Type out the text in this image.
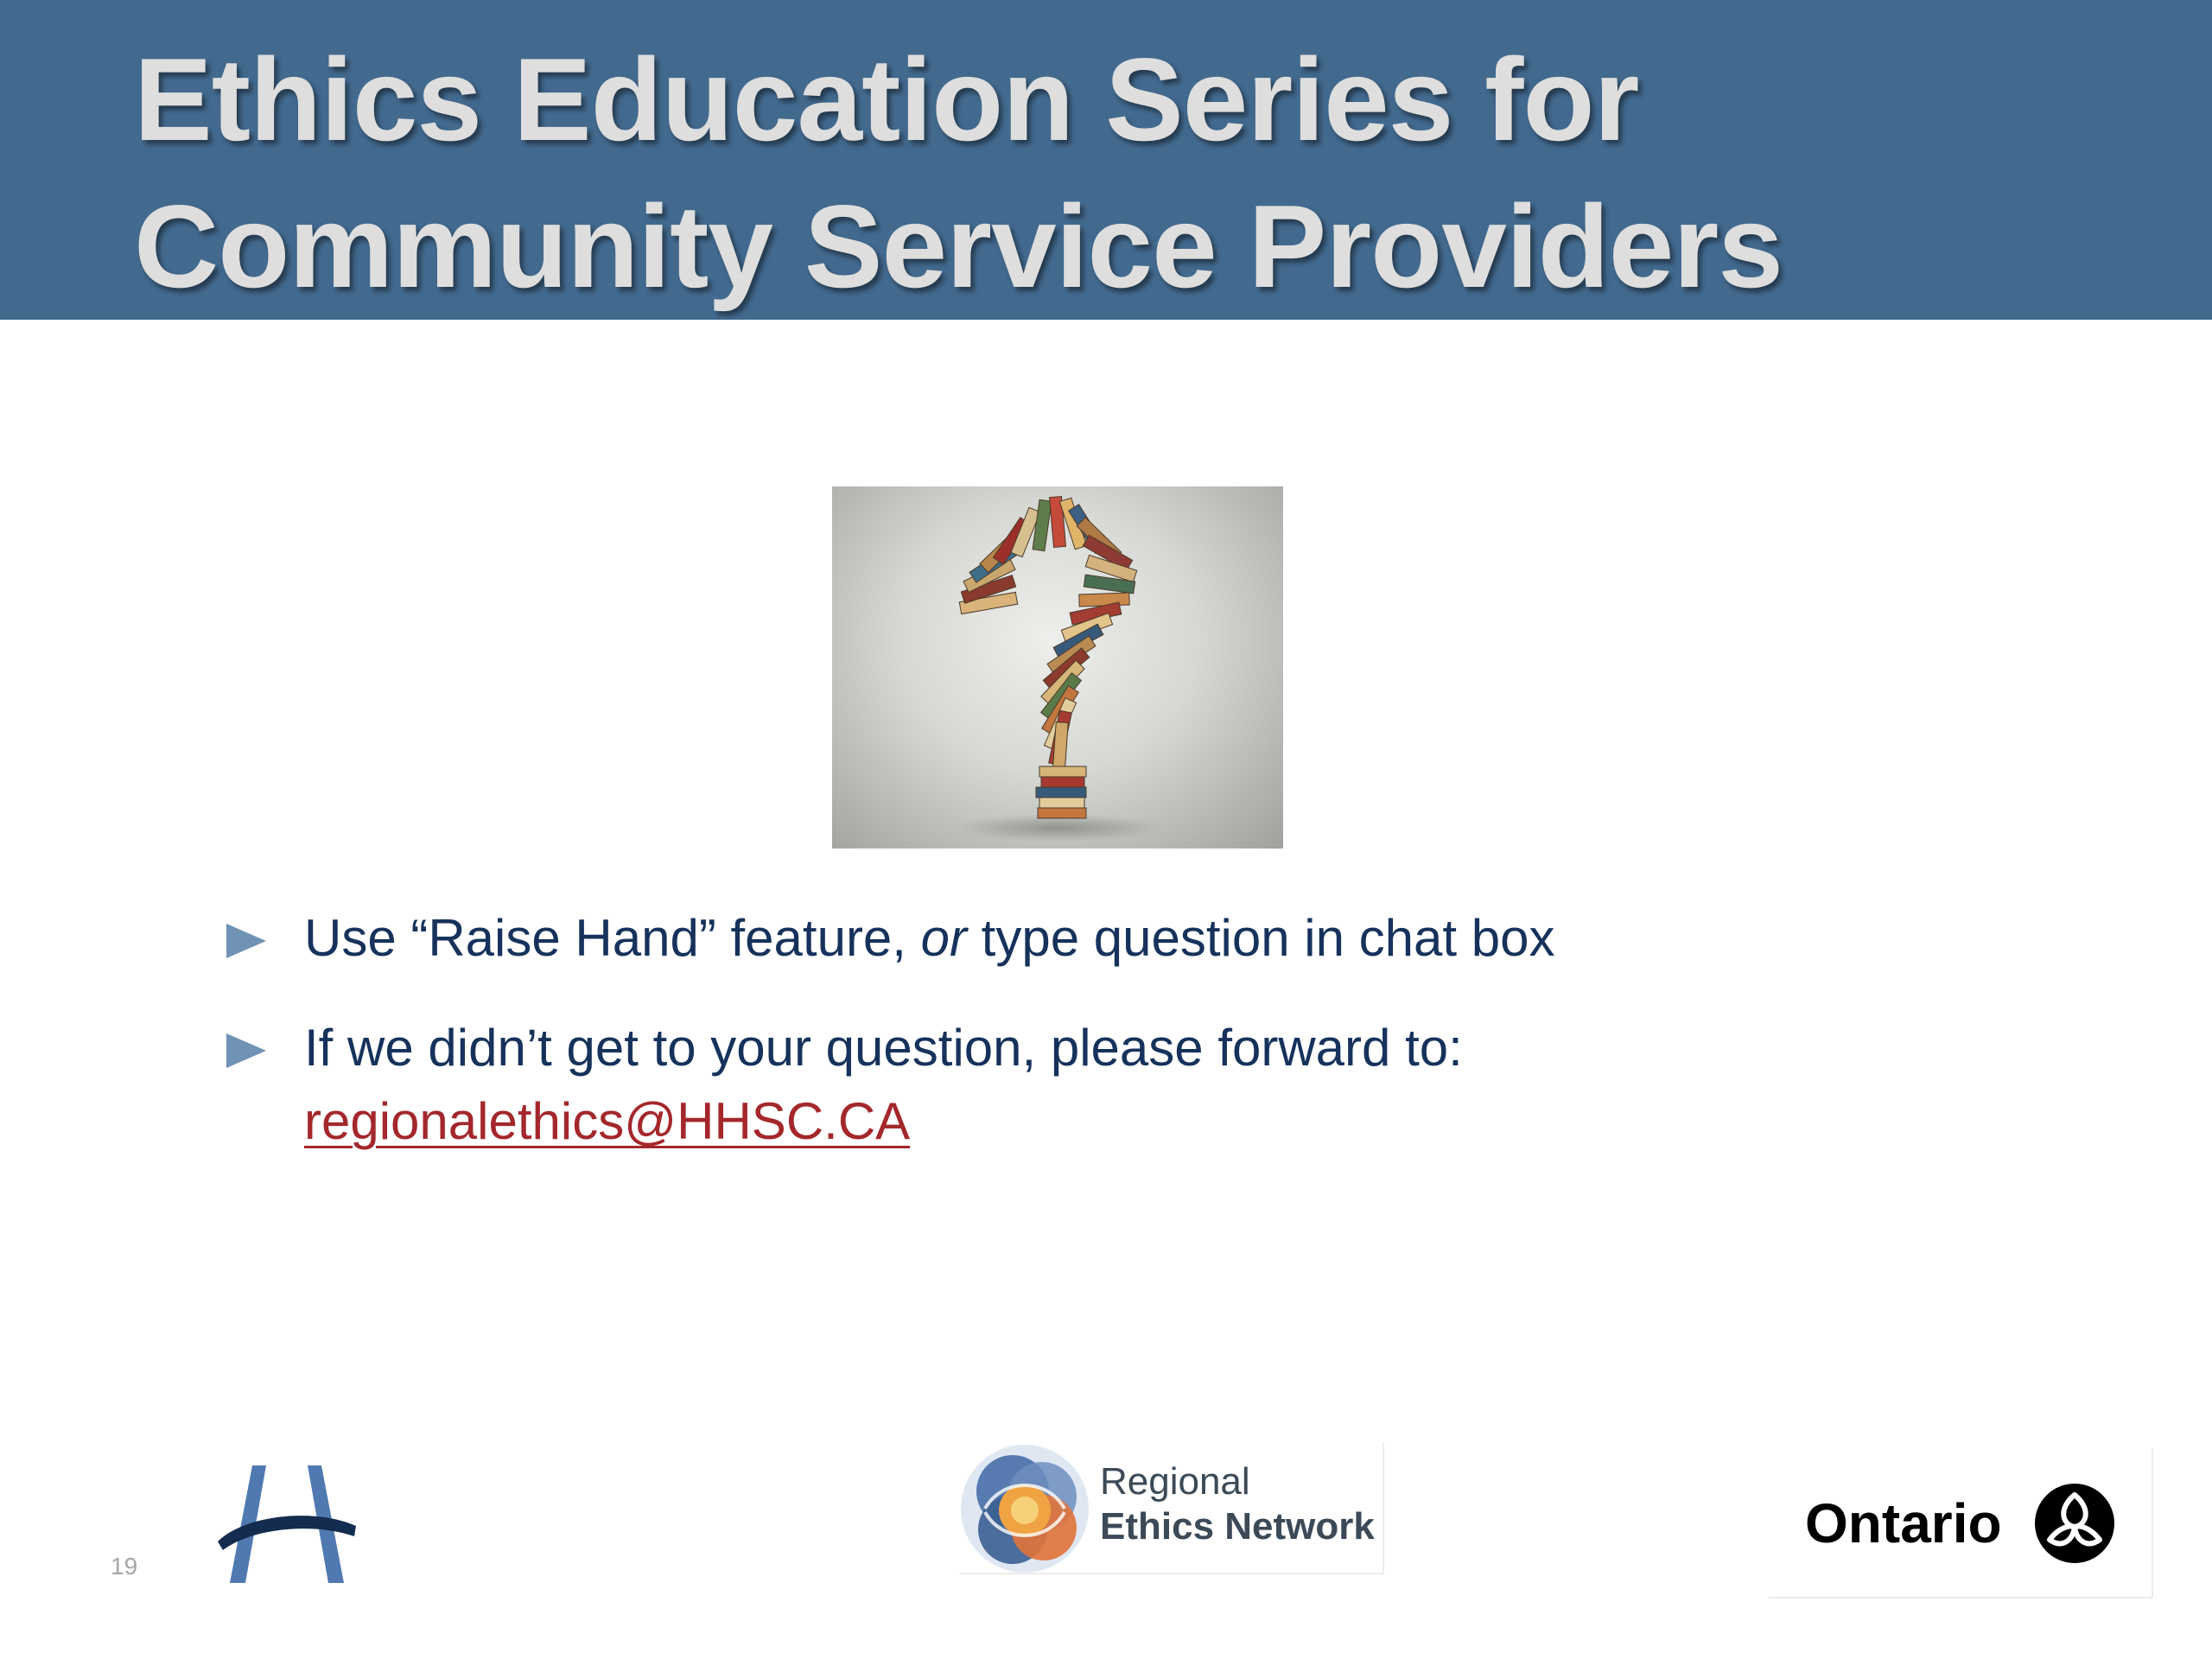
Ethics Education Series for
Community Service Providers
Use “Raise Hand” feature, or type question in chat box
If we didn’t get to your question, please forward to:
regionalethics@HHSC.CA
19
Regional
Ethics Network	Ontario
